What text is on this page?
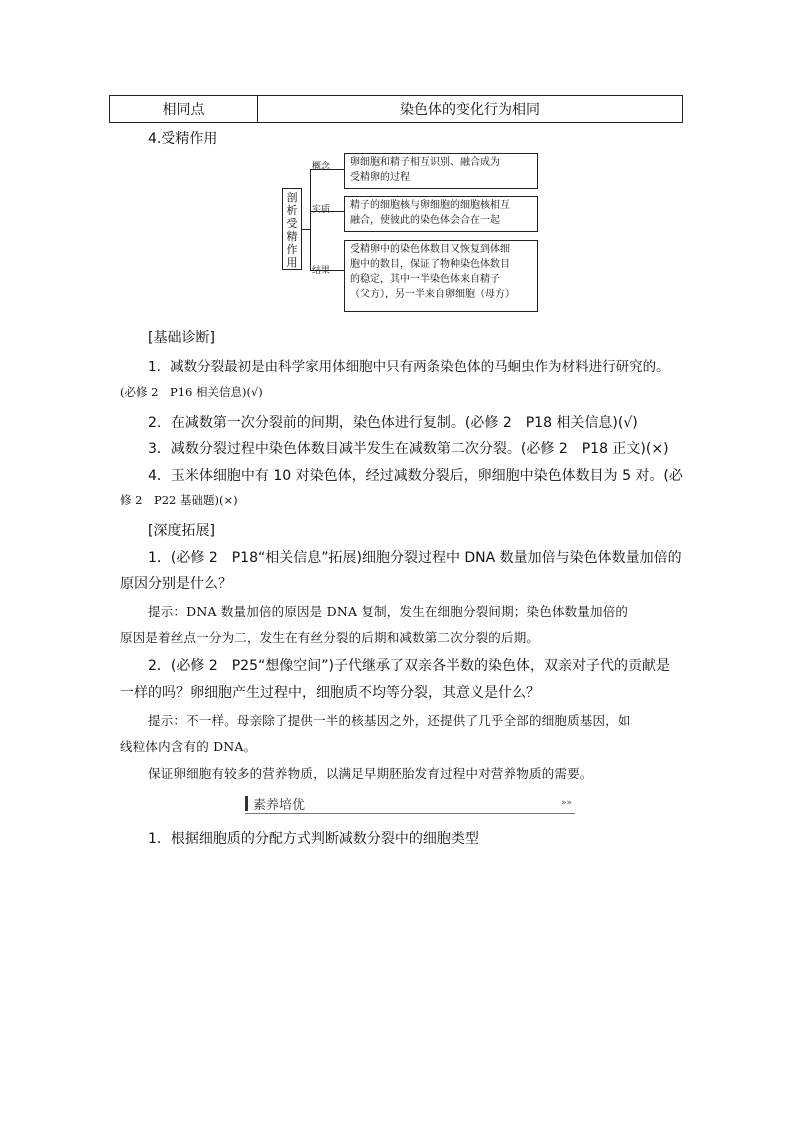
相同点	染色体的变化行为相同
4.受精作用
剖
析
受
精
作
用
概念
实质
结果
卵细胞和精子相互识别、融合成为
受精卵的过程
精子的细胞核与卵细胞的细胞核相互
融合，使彼此的染色体会合在一起
受精卵中的染色体数目又恢复到体细
胞中的数目，保证了物种染色体数目
的稳定，其中一半染色体来自精子
（父方），另一半来自卵细胞（母方）
[基础诊断]
1．减数分裂最初是由科学家用体细胞中只有两条染色体的马蛔虫作为材料进行研究的。
(必修 2　P16 相关信息)(√)
2．在减数第一次分裂前的间期，染色体进行复制。(必修 2　P18 相关信息)(√)
3．减数分裂过程中染色体数目减半发生在减数第二次分裂。(必修 2　P18 正文)(×)
4．玉米体细胞中有 10 对染色体，经过减数分裂后，卵细胞中染色体数目为 5 对。(必
修 2　P22 基础题)(×)
[深度拓展]
1．(必修 2　P18“相关信息”拓展)细胞分裂过程中 DNA 数量加倍与染色体数量加倍的
原因分别是什么？
提示：DNA 数量加倍的原因是 DNA 复制，发生在细胞分裂间期；染色体数量加倍的
原因是着丝点一分为二，发生在有丝分裂的后期和减数第二次分裂的后期。
2．(必修 2　P25“想像空间”)子代继承了双亲各半数的染色体，双亲对子代的贡献是
一样的吗？卵细胞产生过程中，细胞质不均等分裂，其意义是什么？
提示：不一样。母亲除了提供一半的核基因之外，还提供了几乎全部的细胞质基因，如
线粒体内含有的 DNA。
保证卵细胞有较多的营养物质，以满足早期胚胎发育过程中对营养物质的需要。
素养培优	»»
1．根据细胞质的分配方式判断减数分裂中的细胞类型
